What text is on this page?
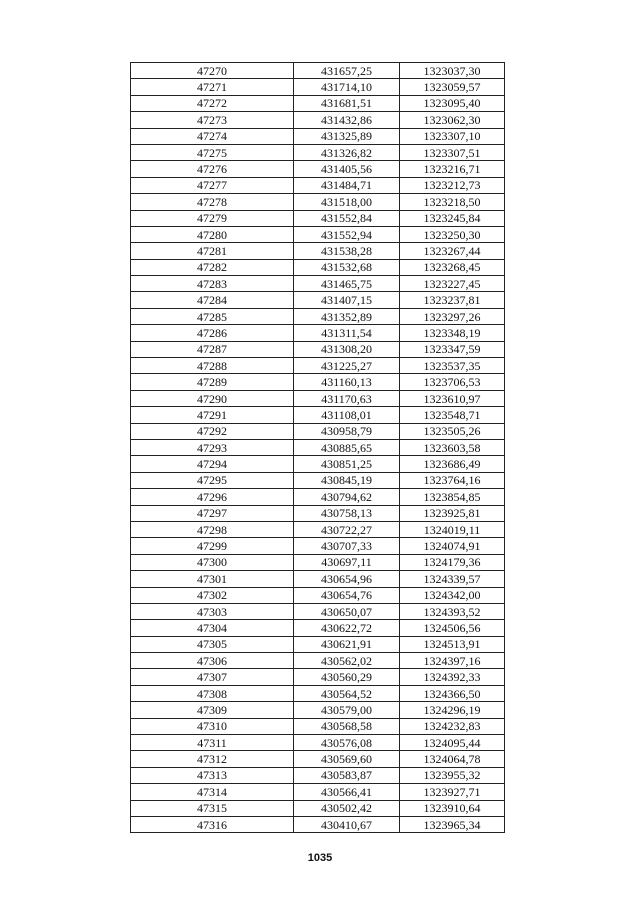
47270	431657,25	1323037,30
47271	431714,10	1323059,57
47272	431681,51	1323095,40
47273	431432,86	1323062,30
47274	431325,89	1323307,10
47275	431326,82	1323307,51
47276	431405,56	1323216,71
47277	431484,71	1323212,73
47278	431518,00	1323218,50
47279	431552,84	1323245,84
47280	431552,94	1323250,30
47281	431538,28	1323267,44
47282	431532,68	1323268,45
47283	431465,75	1323227,45
47284	431407,15	1323237,81
47285	431352,89	1323297,26
47286	431311,54	1323348,19
47287	431308,20	1323347,59
47288	431225,27	1323537,35
47289	431160,13	1323706,53
47290	431170,63	1323610,97
47291	431108,01	1323548,71
47292	430958,79	1323505,26
47293	430885,65	1323603,58
47294	430851,25	1323686,49
47295	430845,19	1323764,16
47296	430794,62	1323854,85
47297	430758,13	1323925,81
47298	430722,27	1324019,11
47299	430707,33	1324074,91
47300	430697,11	1324179,36
47301	430654,96	1324339,57
47302	430654,76	1324342,00
47303	430650,07	1324393,52
47304	430622,72	1324506,56
47305	430621,91	1324513,91
47306	430562,02	1324397,16
47307	430560,29	1324392,33
47308	430564,52	1324366,50
47309	430579,00	1324296,19
47310	430568,58	1324232,83
47311	430576,08	1324095,44
47312	430569,60	1324064,78
47313	430583,87	1323955,32
47314	430566,41	1323927,71
47315	430502,42	1323910,64
47316	430410,67	1323965,34
1035
